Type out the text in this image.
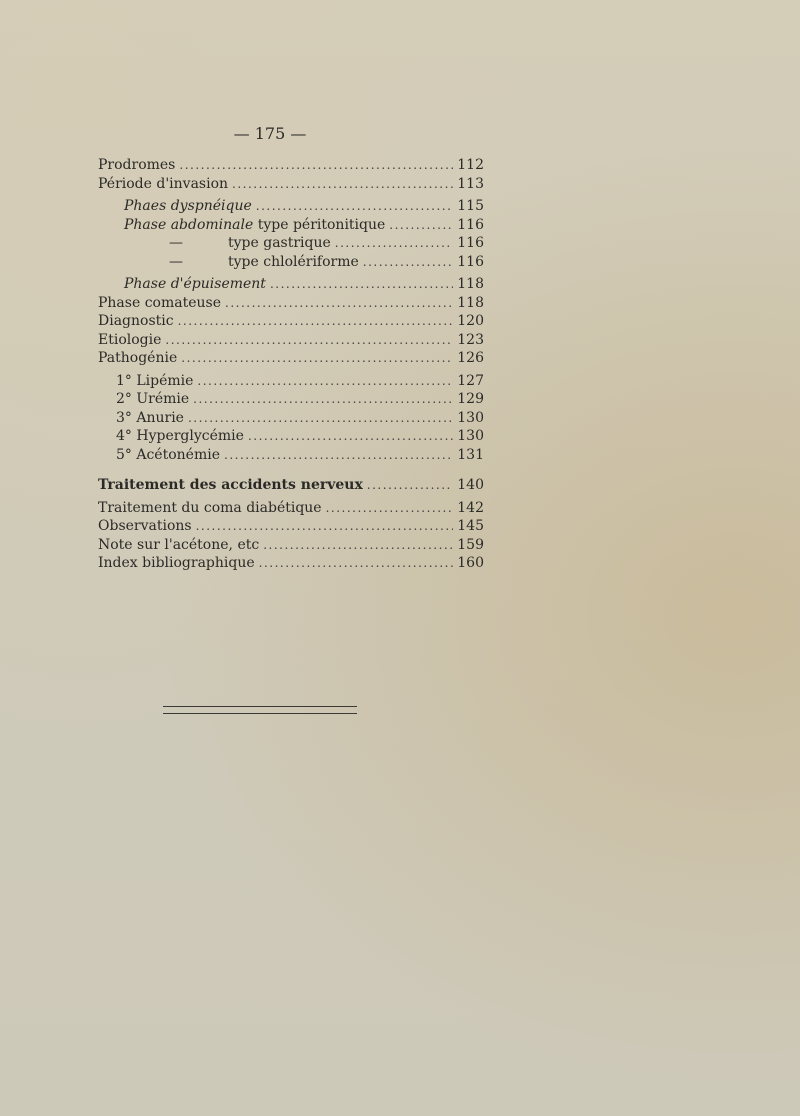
— 175 —
Prodromes .....	112
Période d'invasion .....	113
Phaes dyspnéique .....	115
Phase abdominale type péritonitique .....	116
—	type gastrique .....	116
—	type chlolériforme .....	116
Phase d'épuisement .....	118
Phase comateuse .....	118
Diagnostic .....	120
Etiologie .....	123
Pathogénie .....	126
1° Lipémie .....	127
2° Urémie .....	129
3° Anurie .....	130
4° Hyperglycémie .....	130
5° Acétonémie .....	131
Traitement des accidents nerveux .....	140
Traitement du coma diabétique .....	142
Observations .....	145
Note sur l'acétone, etc .....	159
Index bibliographique .....	160
